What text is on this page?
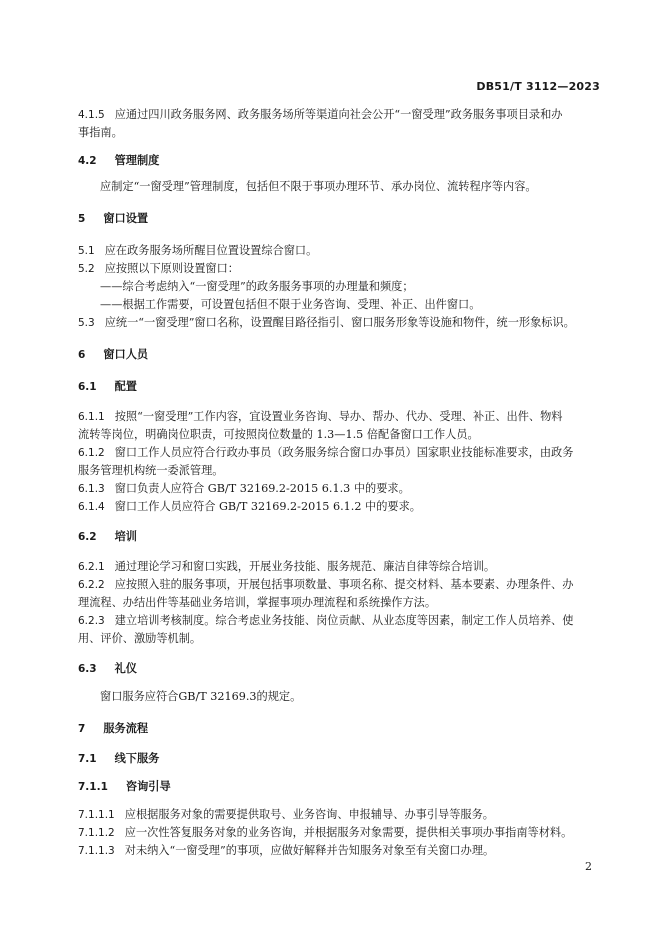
DB51/T 3112—2023
4.1.5 应通过四川政务服务网、政务服务场所等渠道向社会公开“一窗受理”政务服务事项目录和办
事指南。
4.2 管理制度
应制定“一窗受理”管理制度，包括但不限于事项办理环节、承办岗位、流转程序等内容。
5 窗口设置
5.1 应在政务服务场所醒目位置设置综合窗口。
5.2 应按照以下原则设置窗口：
——综合考虑纳入“一窗受理”的政务服务事项的办理量和频度；
——根据工作需要，可设置包括但不限于业务咨询、受理、补正、出件窗口。
5.3 应统一“一窗受理”窗口名称，设置醒目路径指引、窗口服务形象等设施和物件，统一形象标识。
6 窗口人员
6.1 配置
6.1.1 按照“一窗受理”工作内容，宜设置业务咨询、导办、帮办、代办、受理、补正、出件、物料
流转等岗位，明确岗位职责，可按照岗位数量的 1.3—1.5 倍配备窗口工作人员。
6.1.2 窗口工作人员应符合行政办事员（政务服务综合窗口办事员）国家职业技能标准要求，由政务
服务管理机构统一委派管理。
6.1.3 窗口负责人应符合 GB/T 32169.2-2015 6.1.3 中的要求。
6.1.4 窗口工作人员应符合 GB/T 32169.2-2015 6.1.2 中的要求。
6.2 培训
6.2.1 通过理论学习和窗口实践，开展业务技能、服务规范、廉洁自律等综合培训。
6.2.2 应按照入驻的服务事项，开展包括事项数量、事项名称、提交材料、基本要素、办理条件、办
理流程、办结出件等基础业务培训，掌握事项办理流程和系统操作方法。
6.2.3 建立培训考核制度。综合考虑业务技能、岗位贡献、从业态度等因素，制定工作人员培养、使
用、评价、激励等机制。
6.3 礼仪
窗口服务应符合GB/T 32169.3的规定。
7 服务流程
7.1 线下服务
7.1.1 咨询引导
7.1.1.1 应根据服务对象的需要提供取号、业务咨询、申报辅导、办事引导等服务。
7.1.1.2 应一次性答复服务对象的业务咨询，并根据服务对象需要，提供相关事项办事指南等材料。
7.1.1.3 对未纳入“一窗受理”的事项，应做好解释并告知服务对象至有关窗口办理。
2
